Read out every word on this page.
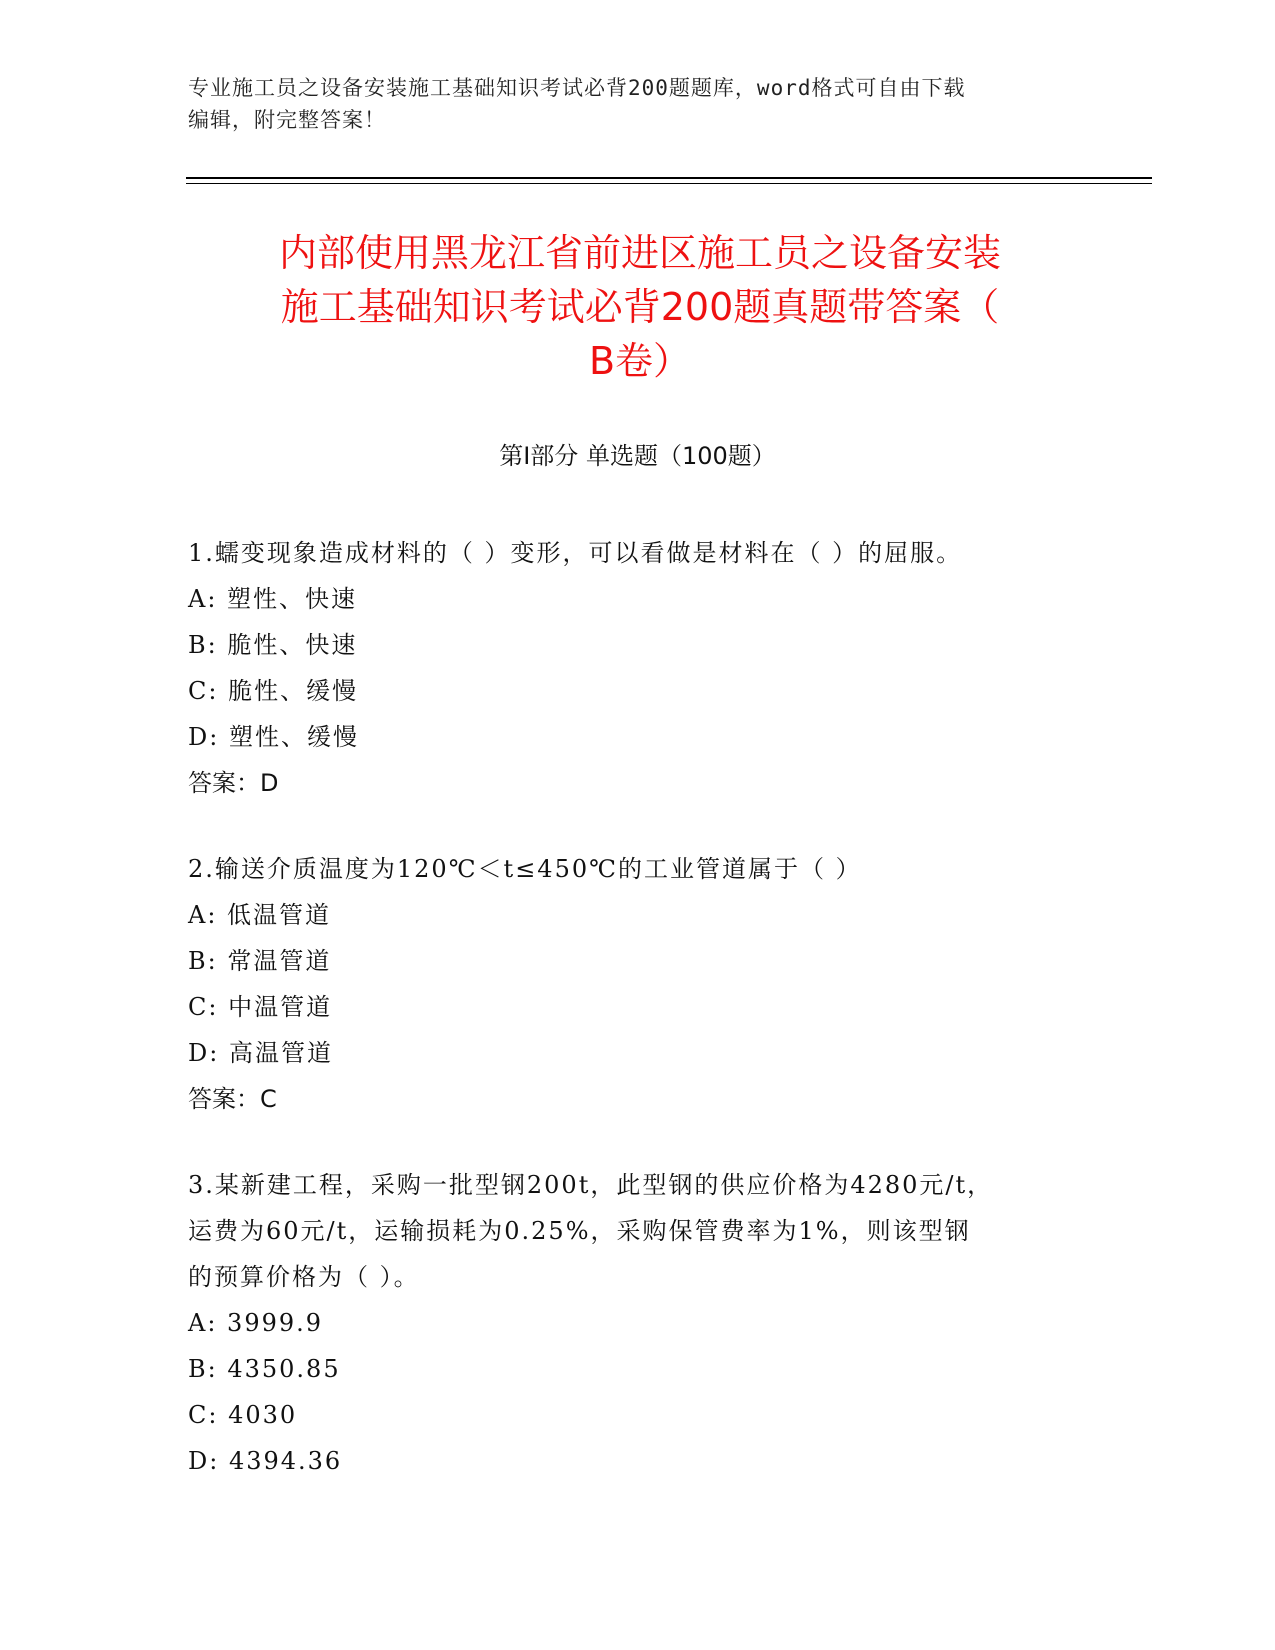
专业施工员之设备安装施工基础知识考试必背200题题库，word格式可自由下载
编辑，附完整答案！
内部使用黑龙江省前进区施工员之设备安装
施工基础知识考试必背200题真题带答案（
B卷）
第I部分 单选题（100题）
1.蠕变现象造成材料的（ ）变形，可以看做是材料在（ ）的屈服。
A: 塑性、快速
B: 脆性、快速
C: 脆性、缓慢
D: 塑性、缓慢
答案：D
2.输送介质温度为120℃＜t≤450℃的工业管道属于（ ）
A: 低温管道
B: 常温管道
C: 中温管道
D: 高温管道
答案：C
3.某新建工程，采购一批型钢200t，此型钢的供应价格为4280元/t，
运费为60元/t，运输损耗为0.25%，采购保管费率为1%，则该型钢
的预算价格为（ ）。
A: 3999.9
B: 4350.85
C: 4030
D: 4394.36
